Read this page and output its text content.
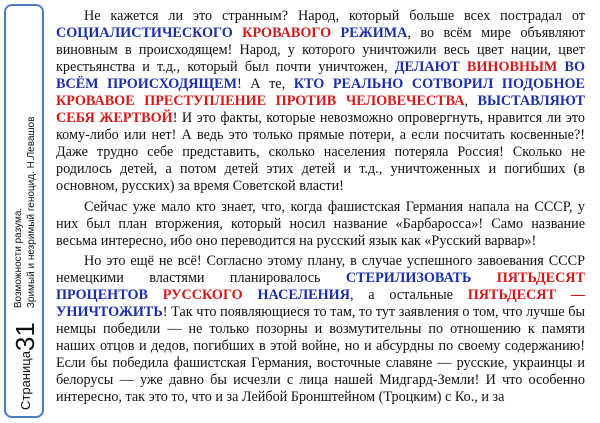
Страница
31
Возможности разума. Зримый и незримый геноцид. Н.Левашов

Не кажется ли это странным? Народ, который больше всех пострадал от СОЦИАЛИСТИЧЕСКОГО КРОВАВОГО РЕЖИМА, во всём мире объявляют виновным в происходящем! Народ, у которого уничтожили весь цвет нации, цвет крестьянства и т.д., который был почти уничтожен, ДЕЛАЮТ ВИНОВНЫМ ВО ВСЁМ ПРОИСХОДЯЩЕМ! А те, КТО РЕАЛЬНО СОТВОРИЛ ПОДОБНОЕ КРОВАВОЕ ПРЕСТУПЛЕНИЕ ПРОТИВ ЧЕЛОВЕЧЕСТВА, ВЫСТАВЛЯЮТ СЕБЯ ЖЕРТВОЙ! И это факты, которые невозможно опровергнуть, нравится ли это кому-либо или нет! А ведь это только прямые потери, а если посчитать косвенные?! Даже трудно себе представить, сколько населения потеряла Россия! Сколько не родилось детей, а потом детей этих детей и т.д., уничтоженных и погибших (в основном, русских) за время Советской власти!

Сейчас уже мало кто знает, что, когда фашистская Германия напала на СССР, у них был план вторжения, который носил название «Барбаросса»! Само название весьма интересно, ибо оно переводится на русский язык как «Русский варвар»!

Но это ещё не всё! Согласно этому плану, в случае успешного завоевания СССР немецкими властями планировалось СТЕРИЛИЗОВАТЬ ПЯТЬДЕСЯТ ПРОЦЕНТОВ РУССКОГО НАСЕЛЕНИЯ, а остальные ПЯТЬДЕСЯТ — УНИЧТОЖИТЬ! Так что появляющиеся то там, то тут заявления о том, что лучше бы немцы победили — не только позорны и возмутительны по отношению к памяти наших отцов и дедов, погибших в этой войне, но и абсурдны по своему содержанию! Если бы победила фашистская Германия, восточные славяне — русские, украинцы и белорусы — уже давно бы исчезли с лица нашей Мидгард-Земли! И что особенно интересно, так это то, что и за Лейбой Бронштейном (Троцким) с Ко., и за
